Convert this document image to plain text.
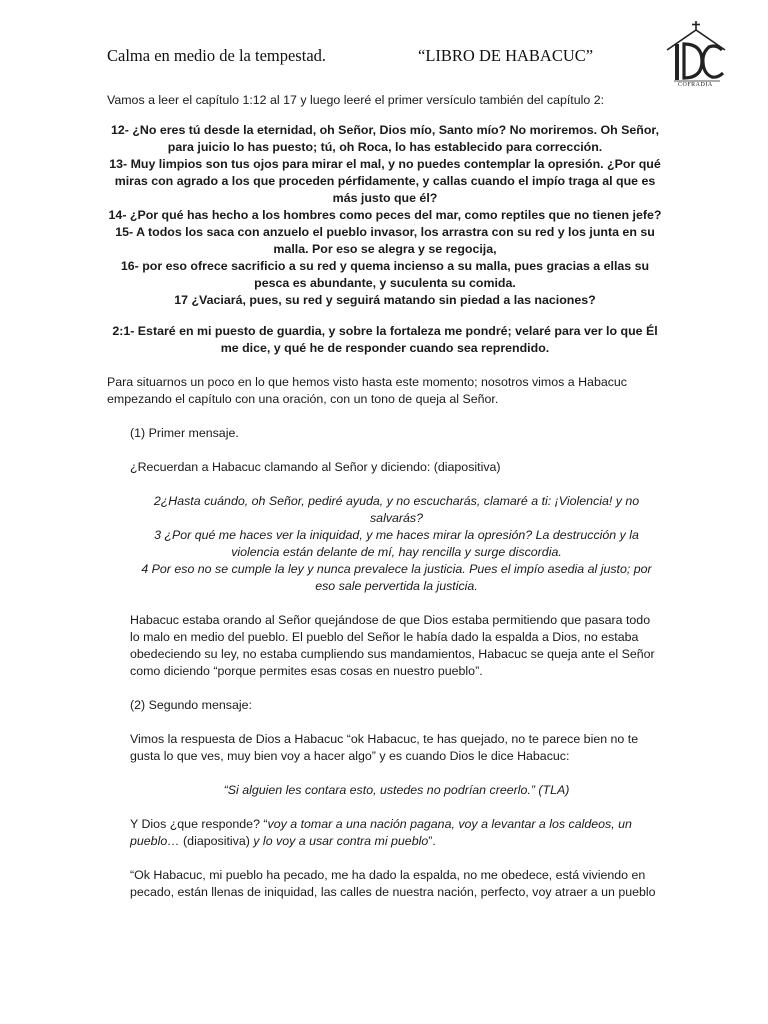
Calma en medio de la tempestad.	“LIBRO DE HABACUC”
COFRADIA

Vamos a leer el capítulo 1:12 al 17 y luego leeré el primer versículo también del capítulo 2:

12- ¿No eres tú desde la eternidad, oh Señor, Dios mío, Santo mío? No moriremos. Oh Señor, para juicio lo has puesto; tú, oh Roca, lo has establecido para corrección.

13- Muy limpios son tus ojos para mirar el mal, y no puedes contemplar la opresión. ¿Por qué miras con agrado a los que proceden pérfidamente, y callas cuando el impío traga al que es más justo que él?

14- ¿Por qué has hecho a los hombres como peces del mar, como reptiles que no tienen jefe?

15- A todos los saca con anzuelo el pueblo invasor, los arrastra con su red y los junta en su malla. Por eso se alegra y se regocija,

16- por eso ofrece sacrificio a su red y quema incienso a su malla, pues gracias a ellas su pesca es abundante, y suculenta su comida.

17 ¿Vaciará, pues, su red y seguirá matando sin piedad a las naciones?

2:1- Estaré en mi puesto de guardia, y sobre la fortaleza me pondré; velaré para ver lo que Él me dice, y qué he de responder cuando sea reprendido.

Para situarnos un poco en lo que hemos visto hasta este momento; nosotros vimos a Habacuc empezando el capítulo con una oración, con un tono de queja al Señor.

(1) Primer mensaje.

¿Recuerdan a Habacuc clamando al Señor y diciendo: (diapositiva)

2¿Hasta cuándo, oh Señor, pediré ayuda, y no escucharás, clamaré a ti: ¡Violencia! y no salvarás?

3 ¿Por qué me haces ver la iniquidad, y me haces mirar la opresión? La destrucción y la violencia están delante de mí, hay rencilla y surge discordia.

4 Por eso no se cumple la ley y nunca prevalece la justicia. Pues el impío asedia al justo; por eso sale pervertida la justicia.

Habacuc estaba orando al Señor quejándose de que Dios estaba permitiendo que pasara todo lo malo en medio del pueblo. El pueblo del Señor le había dado la espalda a Dios, no estaba obedeciendo su ley, no estaba cumpliendo sus mandamientos, Habacuc se queja ante el Señor como diciendo “porque permites esas cosas en nuestro pueblo”.

(2) Segundo mensaje:

Vimos la respuesta de Dios a Habacuc “ok Habacuc, te has quejado, no te parece bien no te gusta lo que ves, muy bien voy a hacer algo” y es cuando Dios le dice Habacuc:

“Si alguien les contara esto, ustedes no podrían creerlo.” (TLA)

Y Dios ¿que responde? “voy a tomar a una nación pagana, voy a levantar a los caldeos, un pueblo… (diapositiva) y lo voy a usar contra mi pueblo”.

“Ok Habacuc, mi pueblo ha pecado, me ha dado la espalda, no me obedece, está viviendo en pecado, están llenas de iniquidad, las calles de nuestra nación, perfecto, voy atraer a un pueblo
